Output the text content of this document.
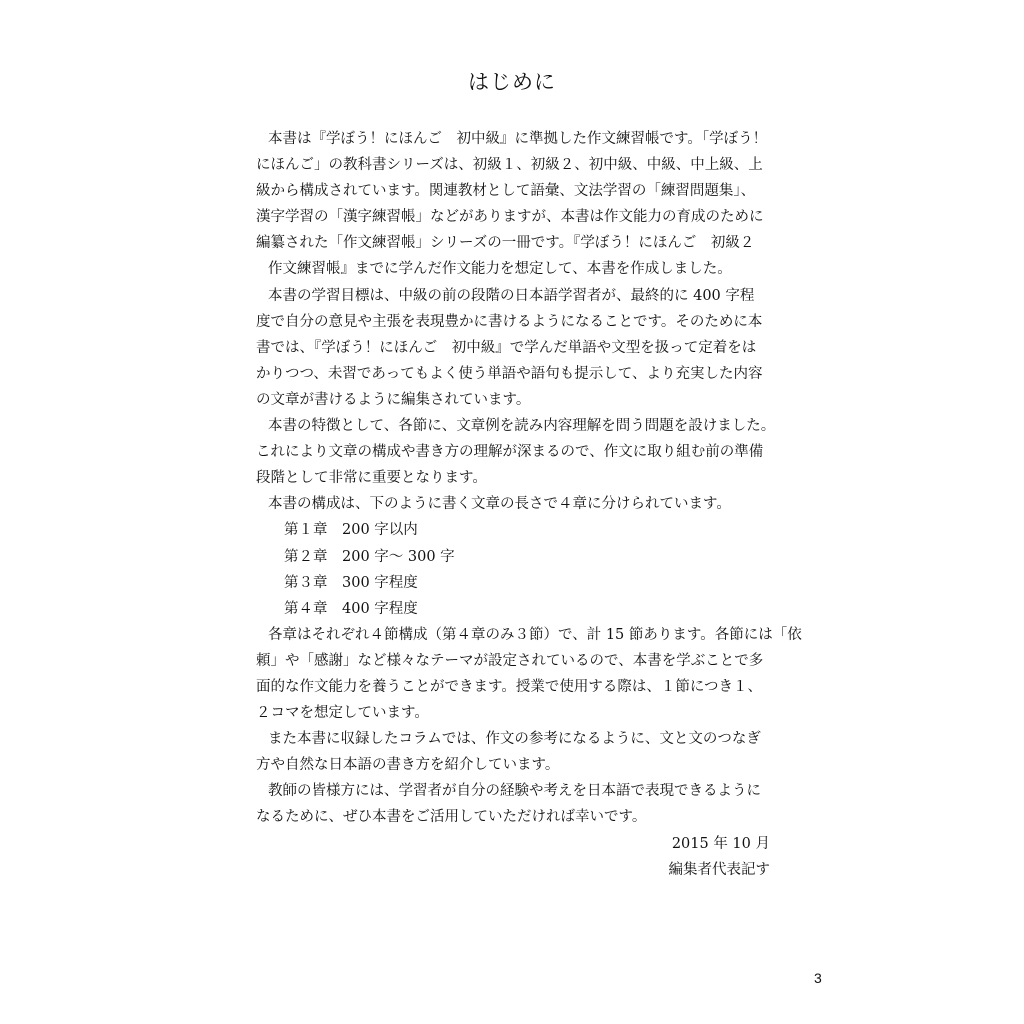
はじめに
本書は『学ぼう！にほんご　初中級』に準拠した作文練習帳です。「学ぼう！
にほんご」の教科書シリーズは、初級１、初級２、初中級、中級、中上級、上
級から構成されています。関連教材として語彙、文法学習の「練習問題集」、
漢字学習の「漢字練習帳」などがありますが、本書は作文能力の育成のために
編纂された「作文練習帳」シリーズの一冊です。『学ぼう！にほんご　初級２
作文練習帳』までに学んだ作文能力を想定して、本書を作成しました。
本書の学習目標は、中級の前の段階の日本語学習者が、最終的に 400 字程
度で自分の意見や主張を表現豊かに書けるようになることです。そのために本
書では、『学ぼう！にほんご　初中級』で学んだ単語や文型を扱って定着をは
かりつつ、未習であってもよく使う単語や語句も提示して、より充実した内容
の文章が書けるように編集されています。
本書の特徴として、各節に、文章例を読み内容理解を問う問題を設けました。
これにより文章の構成や書き方の理解が深まるので、作文に取り組む前の準備
段階として非常に重要となります。
本書の構成は、下のように書く文章の長さで４章に分けられています。
第１章　200 字以内
第２章　200 字～ 300 字
第３章　300 字程度
第４章　400 字程度
各章はそれぞれ４節構成（第４章のみ３節）で、計 15 節あります。各節には「依
頼」や「感謝」など様々なテーマが設定されているので、本書を学ぶことで多
面的な作文能力を養うことができます。授業で使用する際は、１節につき１、
２コマを想定しています。
また本書に収録したコラムでは、作文の参考になるように、文と文のつなぎ
方や自然な日本語の書き方を紹介しています。
教師の皆様方には、学習者が自分の経験や考えを日本語で表現できるように
なるために、ぜひ本書をご活用していただければ幸いです。
2015 年 10 月
編集者代表記す
3
